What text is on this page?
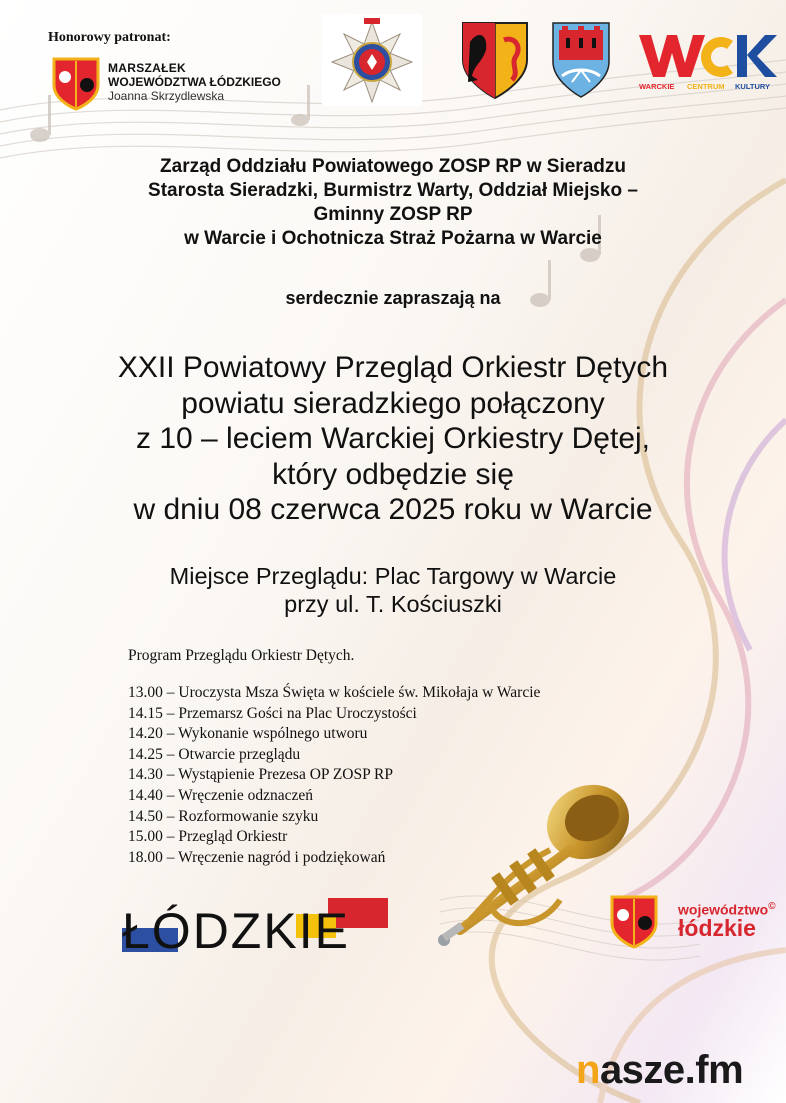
Honorowy patronat:
MARSZAŁEK
WOJEWÓDZTWA ŁÓDZKIEGO
Joanna Skrzydlewska
WARCKIE CENTRUM KULTURY
Zarząd Oddziału Powiatowego ZOSP RP w Sieradzu
Starosta Sieradzki, Burmistrz Warty, Oddział Miejsko –
Gminny ZOSP RP
w Warcie i Ochotnicza Straż Pożarna w Warcie
serdecznie zapraszają na
XXII Powiatowy Przegląd Orkiestr Dętych
powiatu sieradzkiego połączony
z 10 – leciem Warckiej Orkiestry Dętej,
który odbędzie się
w dniu 08 czerwca 2025 roku w Warcie
Miejsce Przeglądu: Plac Targowy w Warcie
przy ul. T. Kościuszki
Program Przeglądu Orkiestr Dętych.
13.00 – Uroczysta Msza Święta w kościele św. Mikołaja w Warcie
14.15 – Przemarsz Gości na Plac Uroczystości
14.20 – Wykonanie wspólnego utworu
14.25 – Otwarcie przeglądu
14.30 – Wystąpienie Prezesa OP ZOSP RP
14.40 – Wręczenie odznaczeń
14.50 – Rozformowanie szyku
15.00 – Przegląd Orkiestr
18.00 – Wręczenie nagród i podziękowań
ŁÓDZKIE	województwo©
łódzkie
nasze.fm
